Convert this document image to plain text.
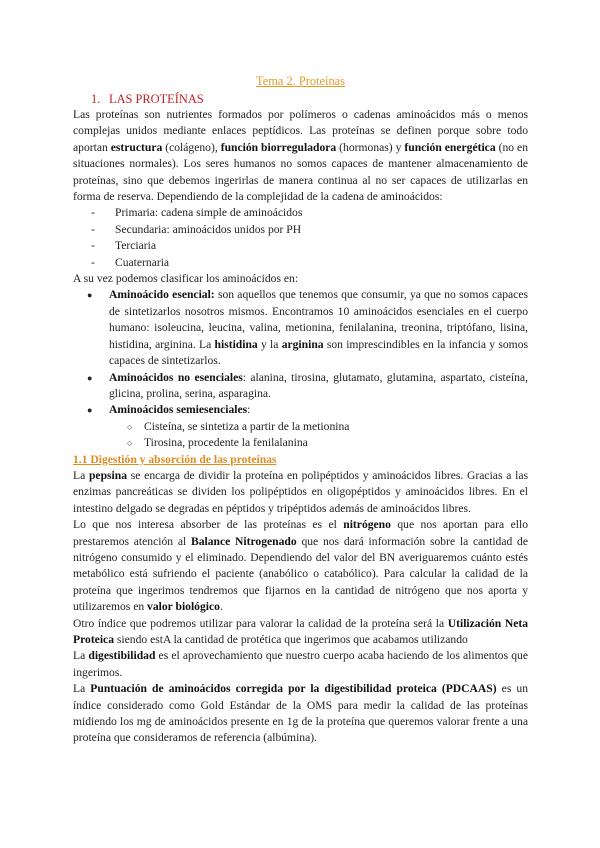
Tema 2. Proteínas
1. LAS PROTEÍNAS

Las proteínas son nutrientes formados por polímeros o cadenas aminoácidos más o menos complejas unidos mediante enlaces peptídicos. Las proteínas se definen porque sobre todo aportan estructura (colágeno), función biorreguladora (hormonas) y función energética (no en situaciones normales). Los seres humanos no somos capaces de mantener almacenamiento de proteínas, sino que debemos ingerirlas de manera continua al no ser capaces de utilizarlas en forma de reserva. Dependiendo de la complejidad de la cadena de aminoácidos:

- Primaria: cadena simple de aminoácidos
- Secundaria: aminoácidos unidos por PH
- Terciaria
- Cuaternaria

A su vez podemos clasificar los aminoácidos en:

● Aminoácido esencial: son aquellos que tenemos que consumir, ya que no somos capaces de sintetizarlos nosotros mismos. Encontramos 10 aminoácidos esenciales en el cuerpo humano: isoleucina, leucina, valina, metionina, fenilalanina, treonina, triptófano, lisina, histidina, arginina. La histidina y la arginina son imprescindibles en la infancia y somos capaces de sintetizarlos.
● Aminoácidos no esenciales: alanina, tirosina, glutamato, glutamina, aspartato, cisteína, glicina, prolina, serina, asparagina.
● Aminoácidos semiesenciales:
○ Cisteína, se sintetiza a partir de la metionina
○ Tirosina, procedente la fenilalanina
1.1 Digestión y absorción de las proteínas

La pepsina se encarga de dividir la proteína en polipéptidos y aminoácidos libres. Gracias a las enzimas pancreáticas se dividen los polipéptidos en oligopéptidos y aminoácidos libres. En el intestino delgado se degradas en péptidos y tripéptidos además de aminoácidos libres.

Lo que nos interesa absorber de las proteínas es el nitrógeno que nos aportan para ello prestaremos atención al Balance Nitrogenado que nos dará información sobre la cantidad de nitrógeno consumido y el eliminado. Dependiendo del valor del BN averiguaremos cuánto estés metabólico está sufriendo el paciente (anabólico o catabólico). Para calcular la calidad de la proteína que ingerimos tendremos que fijarnos en la cantidad de nitrógeno que nos aporta y utilizaremos en valor biológico.

Otro índice que podremos utilizar para valorar la calidad de la proteína será la Utilización Neta Proteica siendo estA la cantidad de protética que ingerimos que acabamos utilizando

La digestibilidad es el aprovechamiento que nuestro cuerpo acaba haciendo de los alimentos que ingerimos.

La Puntuación de aminoácidos corregida por la digestibilidad proteica (PDCAAS) es un índice considerado como Gold Estándar de la OMS para medir la calidad de las proteínas midiendo los mg de aminoácidos presente en 1g de la proteína que queremos valorar frente a una proteína que consideramos de referencia (albúmina).
